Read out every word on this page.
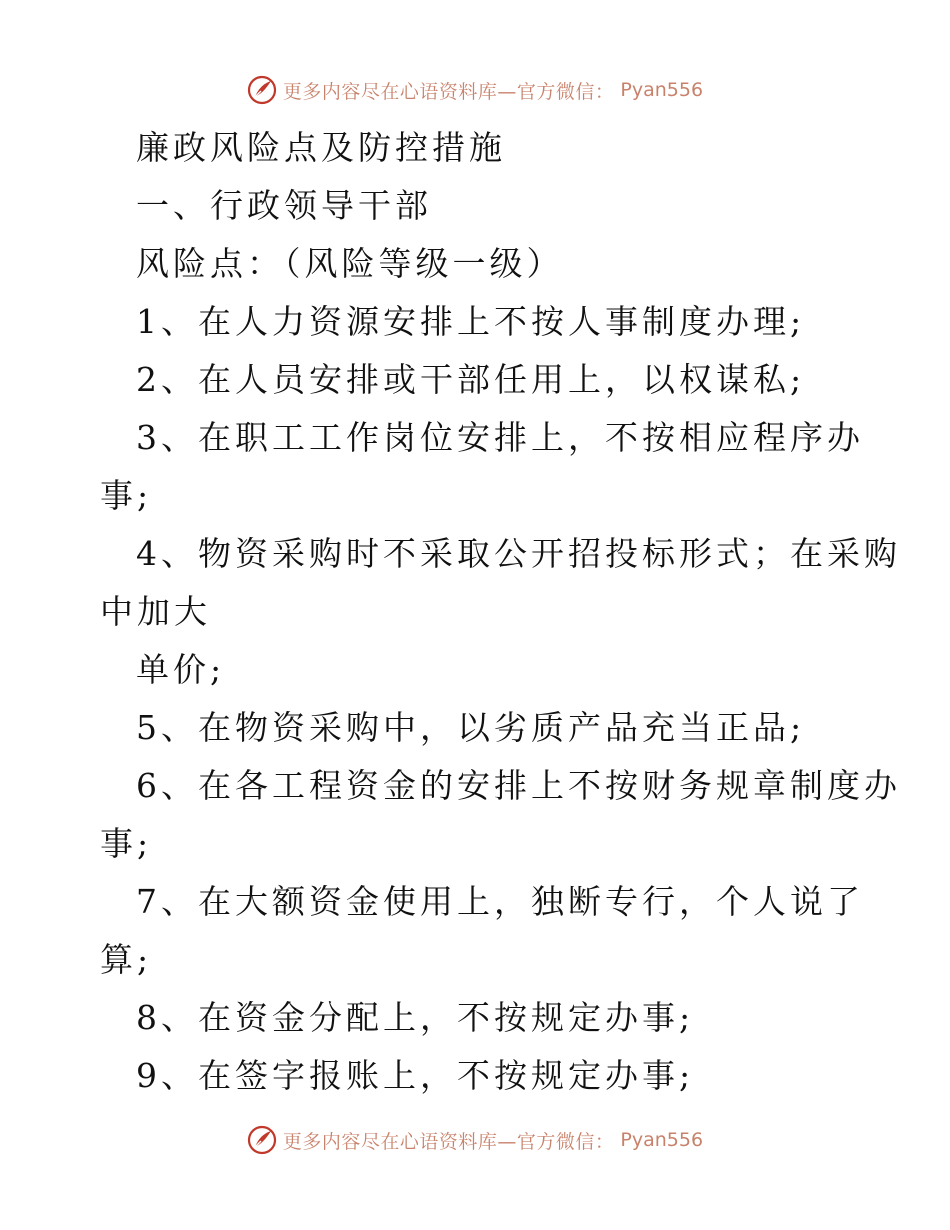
更多内容尽在心语资料库—官方微信： Pyan556
廉政风险点及防控措施
一、行政领导干部
风险点：（风险等级一级）
1、在人力资源安排上不按人事制度办理;
2、在人员安排或干部任用上，以权谋私;
3、在职工工作岗位安排上，不按相应程序办
事;
4、物资采购时不采取公开招投标形式；在采购
中加大
单价;
5、在物资采购中，以劣质产品充当正品;
6、在各工程资金的安排上不按财务规章制度办
事;
7、在大额资金使用上，独断专行，个人说了
算;
8、在资金分配上，不按规定办事;
9、在签字报账上，不按规定办事;
更多内容尽在心语资料库—官方微信： Pyan556
